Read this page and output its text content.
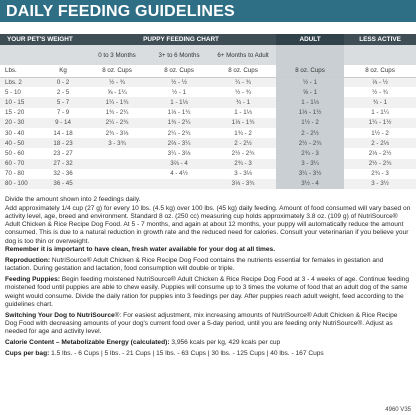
DAILY FEEDING GUIDELINES
YOUR PET'S WEIGHT		PUPPY FEEDING CHART			ADULT	LESS ACTIVE
		0 to 3 Months	3+ to 6 Months	6+ Months to Adult		
Lbs.	Kg	8 oz. Cups	8 oz. Cups	8 oz. Cups	8 oz. Cups	8 oz. Cups
Lbs. 2	0 - 2	½ - ¾	½ - ½	¼ - ¾	½ - 1	⅓ - ½
5 - 10	2 - 5	⅝ - 1¼	½ - 1	½ - ¾	⅝ - 1	½ - ¾
10 - 15	5 - 7	1¼ - 1¾	1 - 1⅓	¾ - 1	1 - 1⅓	¾ - 1
15 - 20	7 - 9	1¾ - 2¼	1⅓ - 1¾	1 - 1⅓	1⅓ - 1½	1 - 1¼
20 - 30	9 - 14	2¼ - 2¾	1¾ - 2¼	1⅓ - 1¾	1½ - 2	1¼ - 1½
30 - 40	14 - 18	2¾ - 3⅓	2¼ - 2¾	1¾ - 2	2 - 2½	1½ - 2
40 - 50	18 - 23	3 - 3¾	2⅔ - 3¼	2 - 2½	2½ - 2¾	2 - 2⅓
50 - 60	23 - 27		3¼ - 3⅔	2½ - 2¾	2¾ - 3	2⅓ - 2½
60 - 70	27 - 32		3⅔ - 4	2¾ - 3	3 - 3¼	2½ - 2¾
70 - 80	32 - 36		4 - 4½	3 - 3⅓	3¼ - 3½	2¾ - 3
80 - 100	36 - 45			3⅓ - 3¾	3½ - 4	3 - 3½

Divide the amount shown into 2 feedings daily.

Add approximately 1/4 cup (27 g) for every 10 lbs. (4.5 kg) over 100 lbs. (45 kg) daily feeding. Amount of food consumed will vary based on activity level, age, breed and environment. Standard 8 oz. (250 cc) measuring cup holds approximately 3.8 oz. (109 g) of NutriSource® Adult Chicken & Rice Recipe Dog Food. At 5 - 7 months, and again at about 12 months, your puppy will automatically reduce the amount consumed. This is due to a natural reduction in growth rate and the reduced need for calories. Consult your veterinarian if you believe your dog is too thin or overweight.

Remember it is important to have clean, fresh water available for your dog at all times.

Reproduction: NutriSource® Adult Chicken & Rice Recipe Dog Food contains the nutrients essential for females in gestation and lactation. During gestation and lactation, food consumption will double or triple.

Feeding Puppies: Begin feeding moistened NutriSource® Adult Chicken & Rice Recipe Dog Food at 3 - 4 weeks of age. Continue feeding moistened food until puppies are able to chew easily. Puppies will consume up to 3 times the volume of food that an adult dog of the same weight would consume. Divide the daily ration for puppies into 3 feedings per day. After puppies reach adult weight, feed according to the guidelines chart.

Switching Your Dog to NutriSource®: For easiest adjustment, mix increasing amounts of NutriSource® Adult Chicken & Rice Recipe Dog Food with decreasing amounts of your dog's current food over a 5-day period, until you are feeding only NutriSource®. Adjust as needed for age and activity level.

Calorie Content – Metabolizable Energy (calculated): 3,956 kcals per kg, 429 kcals per cup

Cups per bag: 1.5 lbs. - 6 Cups | 5 lbs. - 21 Cups | 15 lbs. - 63 Cups | 30 lbs. - 125 Cups | 40 lbs. - 167 Cups

4960 V35
